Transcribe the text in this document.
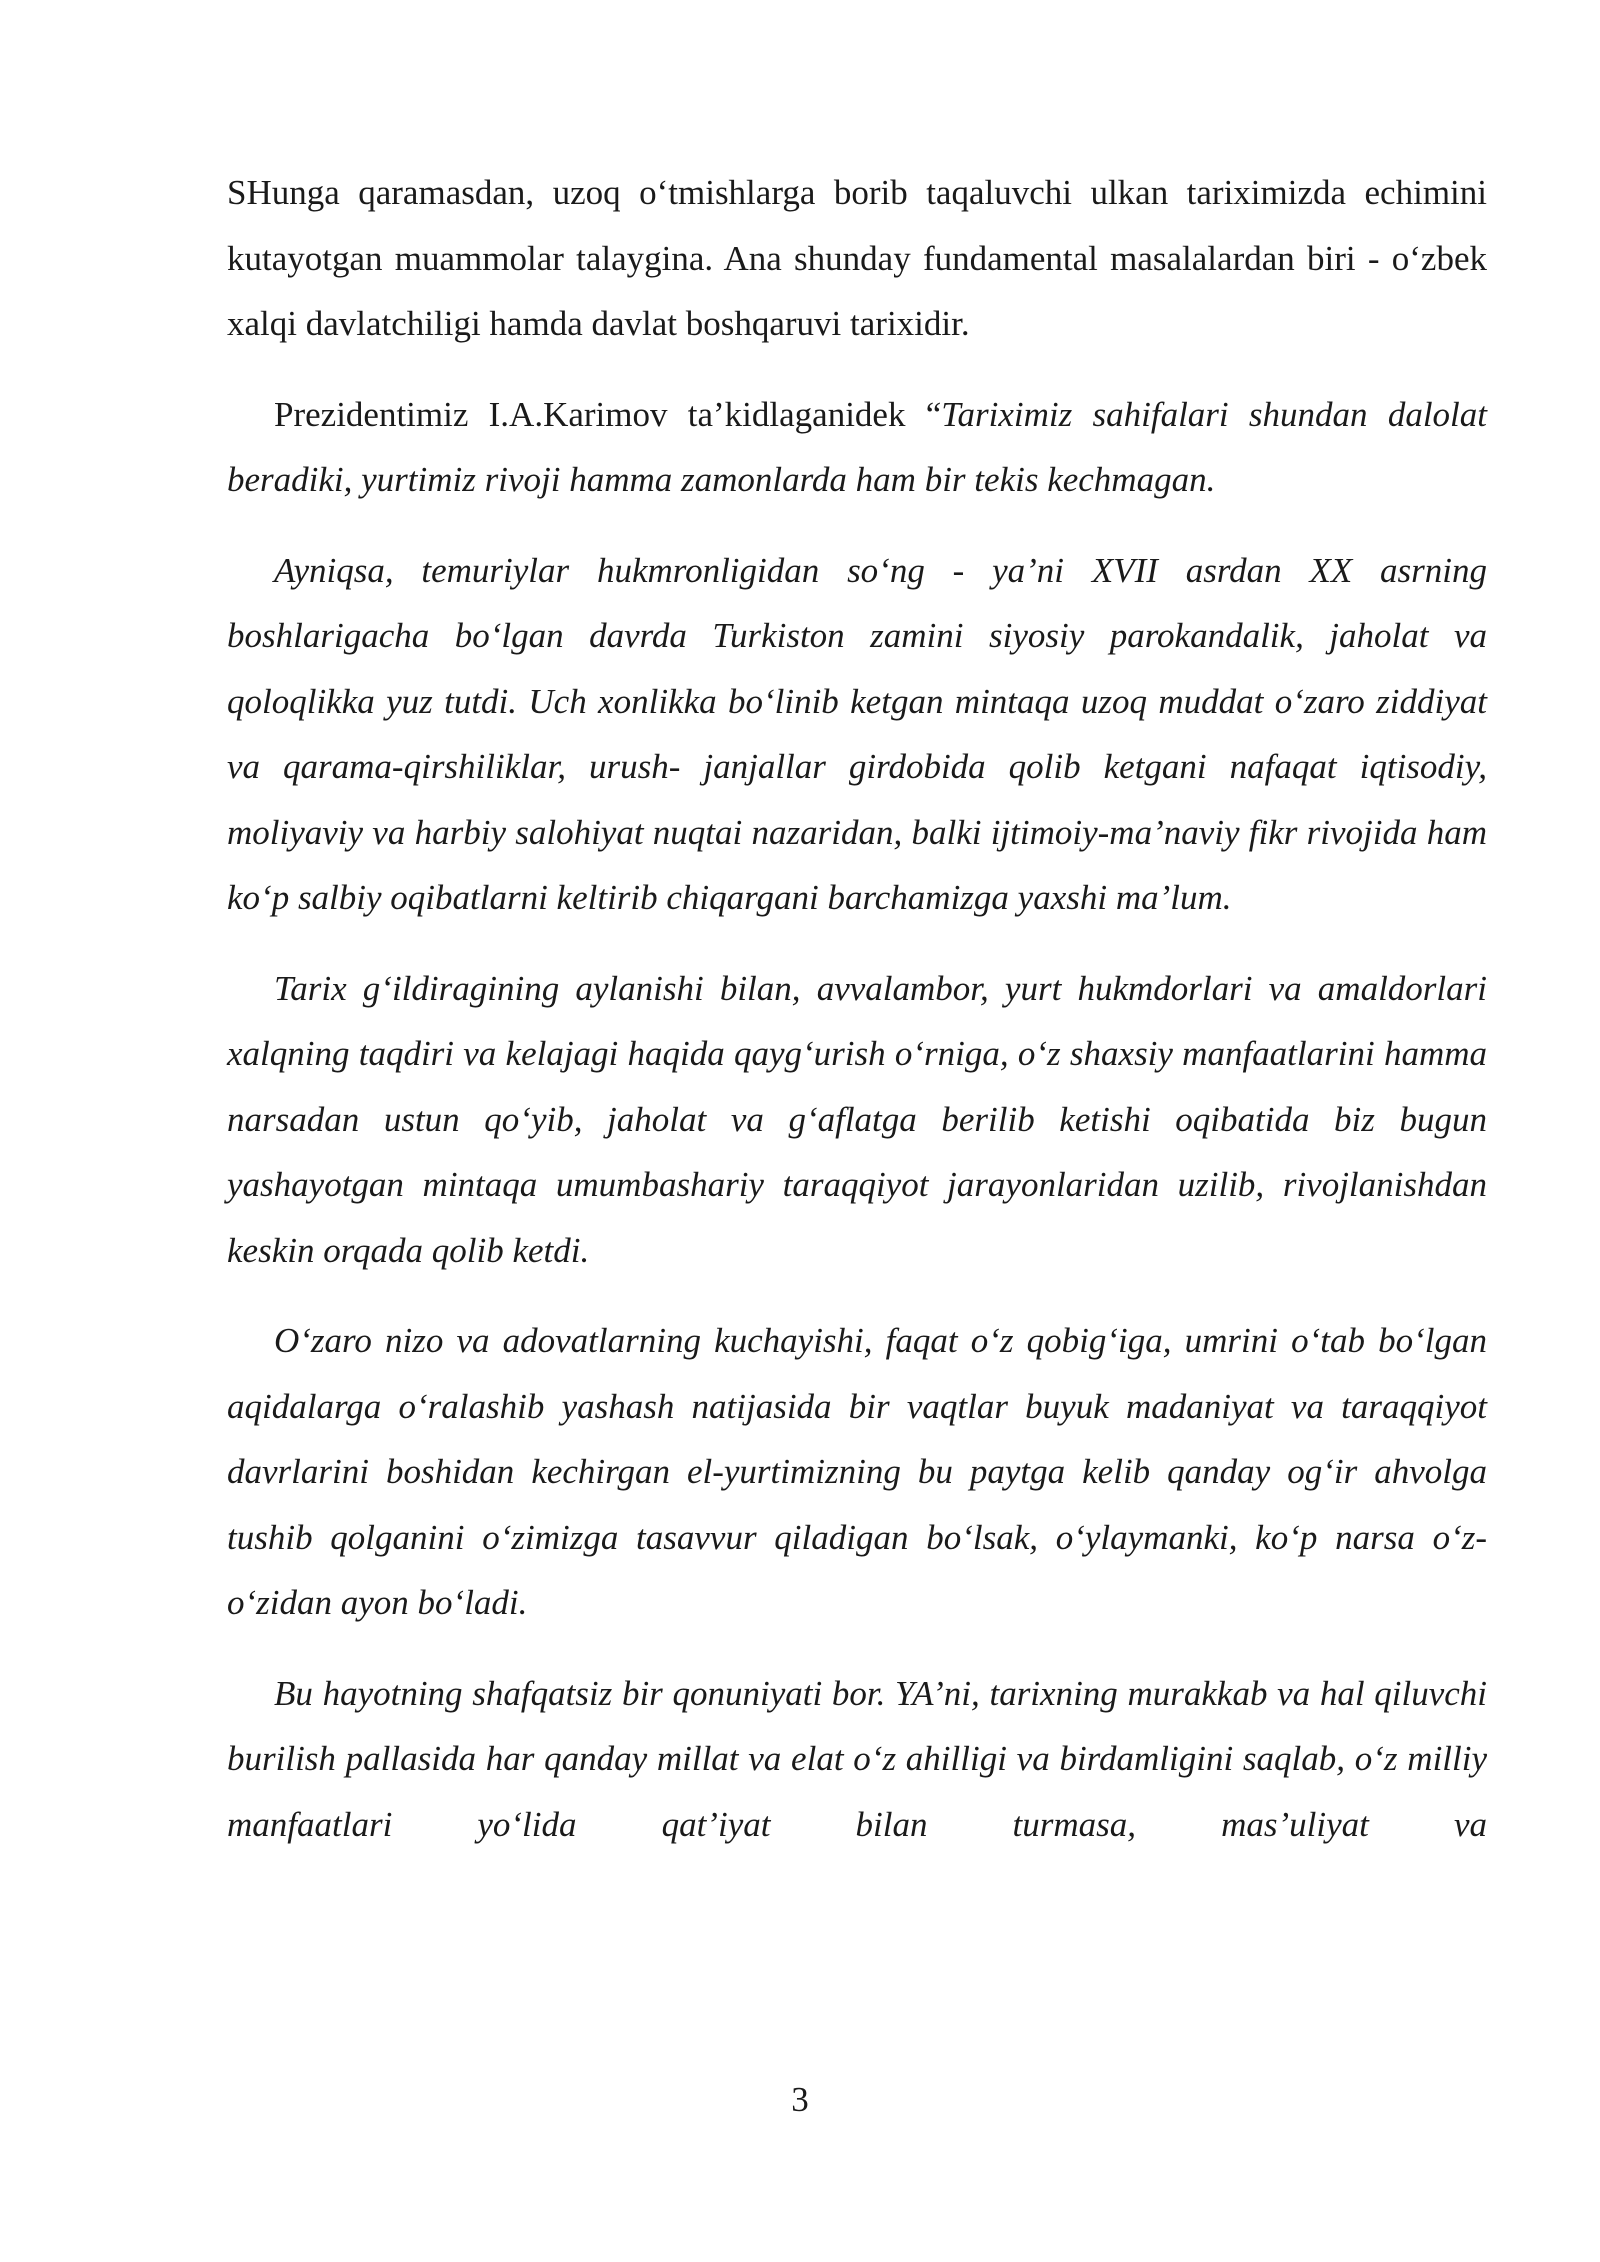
SHunga qaramasdan, uzoq o‘tmishlarga borib taqaluvchi ulkan tariximizda echimini kutayotgan muammolar talaygina. Ana shunday fundamental masalalardan biri - o‘zbek xalqi davlatchiligi hamda davlat boshqaruvi tarixidir.

Prezidentimiz I.A.Karimov ta’kidlaganidek “Tariximiz sahifalari shundan dalolat beradiki, yurtimiz rivoji hamma zamonlarda ham bir tekis kechmagan.

Ayniqsa, temuriylar hukmronligidan so‘ng - ya’ni XVII asrdan XX asrning boshlarigacha bo‘lgan davrda Turkiston zamini siyosiy parokandalik, jaholat va qoloqlikka yuz tutdi. Uch xonlikka bo‘linib ketgan mintaqa uzoq muddat o‘zaro ziddiyat va qarama-qirshiliklar, urush- janjallar girdobida qolib ketgani nafaqat iqtisodiy, moliyaviy va harbiy salohiyat nuqtai nazaridan, balki ijtimoiy-ma’naviy fikr rivojida ham ko‘p salbiy oqibatlarni keltirib chiqargani barchamizga yaxshi ma’lum.

Tarix g‘ildiragining aylanishi bilan, avvalambor, yurt hukmdorlari va amaldorlari xalqning taqdiri va kelajagi haqida qayg‘urish o‘rniga, o‘z shaxsiy manfaatlarini hamma narsadan ustun qo‘yib, jaholat va g‘aflatga berilib ketishi oqibatida biz bugun yashayotgan mintaqa umumbashariy taraqqiyot jarayonlaridan uzilib, rivojlanishdan keskin orqada qolib ketdi.

O‘zaro nizo va adovatlarning kuchayishi, faqat o‘z qobig‘iga, umrini o‘tab bo‘lgan aqidalarga o‘ralashib yashash natijasida bir vaqtlar buyuk madaniyat va taraqqiyot davrlarini boshidan kechirgan el-yurtimizning bu paytga kelib qanday og‘ir ahvolga tushib qolganini o‘zimizga tasavvur qiladigan bo‘lsak, o‘ylaymanki, ko‘p narsa o‘z-o‘zidan ayon bo‘ladi.

Bu hayotning shafqatsiz bir qonuniyati bor. YA’ni, tarixning murakkab va hal qiluvchi burilish pallasida har qanday millat va elat o‘z ahilligi va birdamligini saqlab, o‘z milliy manfaatlari yo‘lida qat’iyat bilan turmasa, mas’uliyat va

3
